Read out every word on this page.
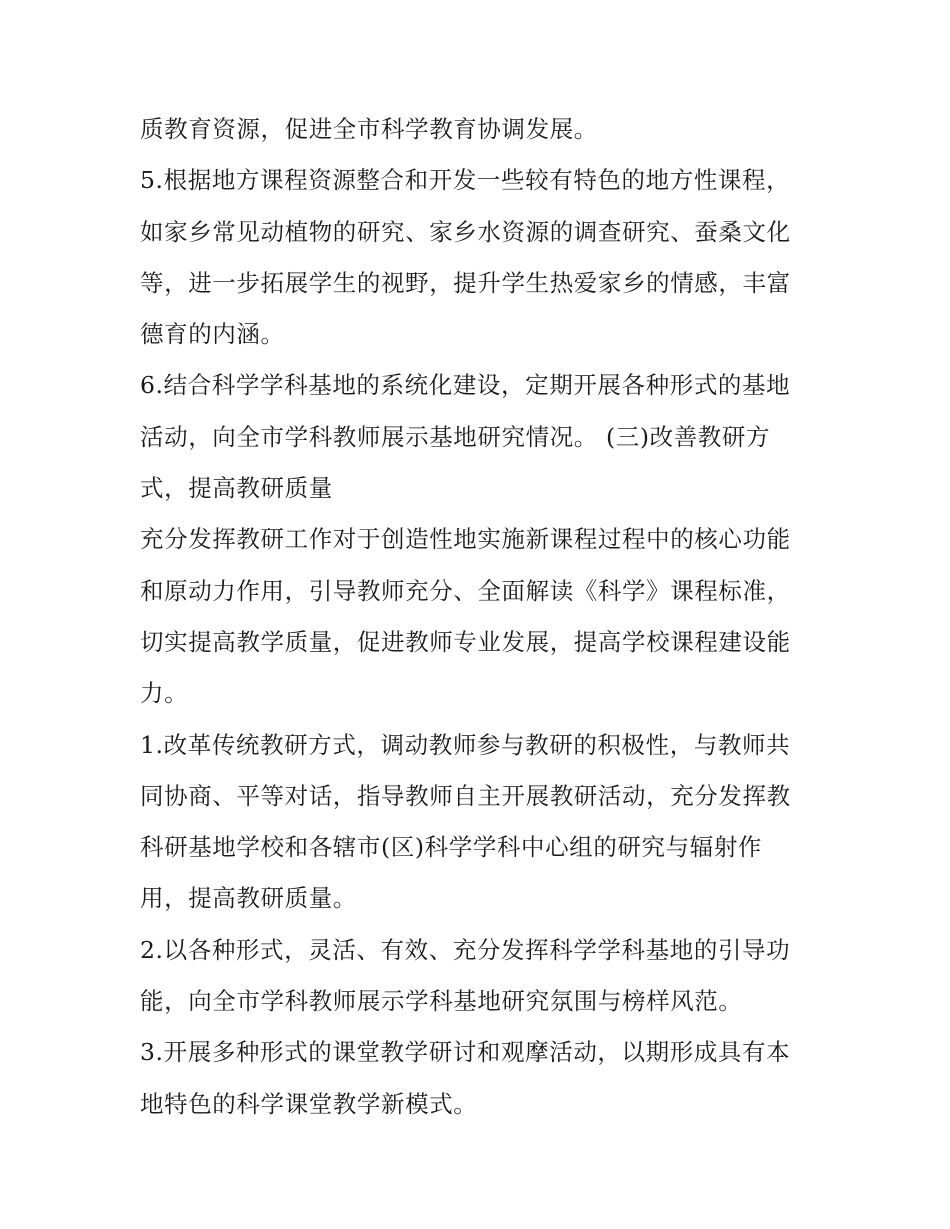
质教育资源，促进全市科学教育协调发展。
5.根据地方课程资源整合和开发一些较有特色的地方性课程，
如家乡常见动植物的研究、家乡水资源的调查研究、蚕桑文化
等，进一步拓展学生的视野，提升学生热爱家乡的情感，丰富
德育的内涵。
6.结合科学学科基地的系统化建设，定期开展各种形式的基地
活动，向全市学科教师展示基地研究情况。 (三)改善教研方
式，提高教研质量
充分发挥教研工作对于创造性地实施新课程过程中的核心功能
和原动力作用，引导教师充分、全面解读《科学》课程标准，
切实提高教学质量，促进教师专业发展，提高学校课程建设能
力。
1.改革传统教研方式，调动教师参与教研的积极性，与教师共
同协商、平等对话，指导教师自主开展教研活动，充分发挥教
科研基地学校和各辖市(区)科学学科中心组的研究与辐射作
用，提高教研质量。
2.以各种形式，灵活、有效、充分发挥科学学科基地的引导功
能，向全市学科教师展示学科基地研究氛围与榜样风范。
3.开展多种形式的课堂教学研讨和观摩活动，以期形成具有本
地特色的科学课堂教学新模式。
